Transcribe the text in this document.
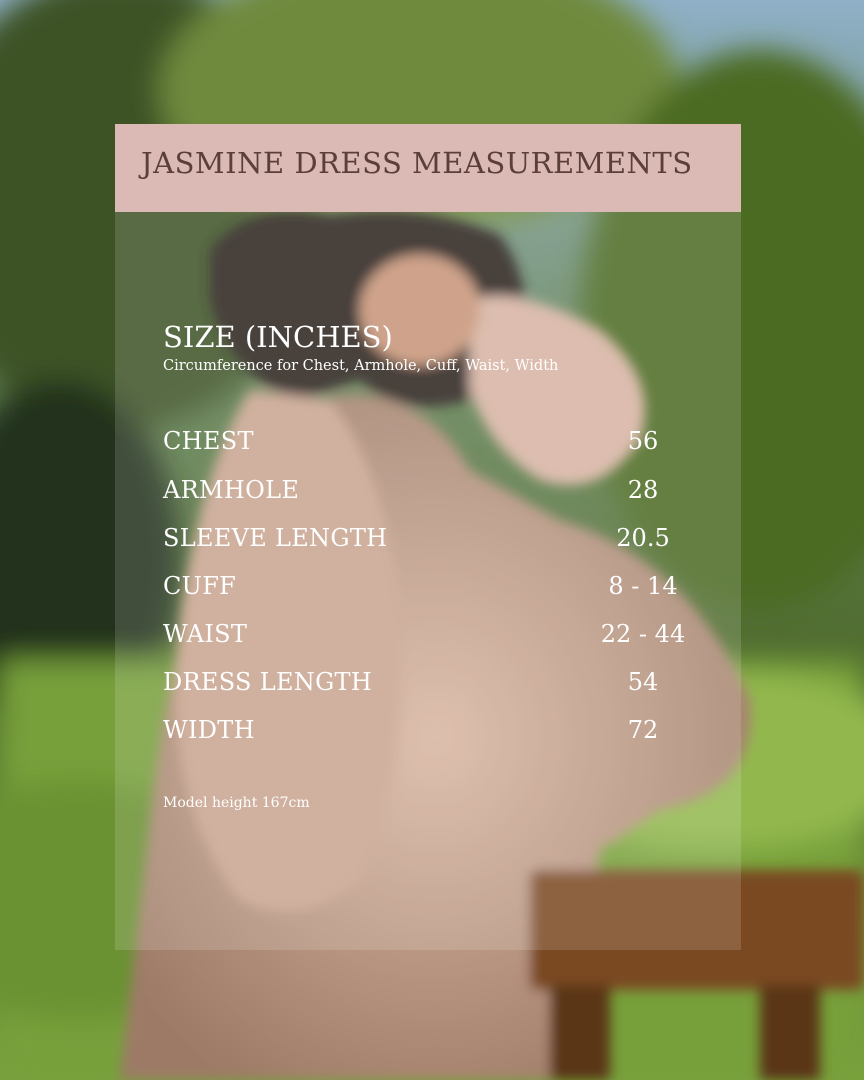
JASMINE DRESS MEASUREMENTS
SIZE (INCHES)
Circumference for Chest, Armhole, Cuff, Waist, Width
CHEST	56
ARMHOLE	28
SLEEVE LENGTH	20.5
CUFF	8 - 14
WAIST	22 - 44
DRESS LENGTH	54
WIDTH	72
Model height 167cm
